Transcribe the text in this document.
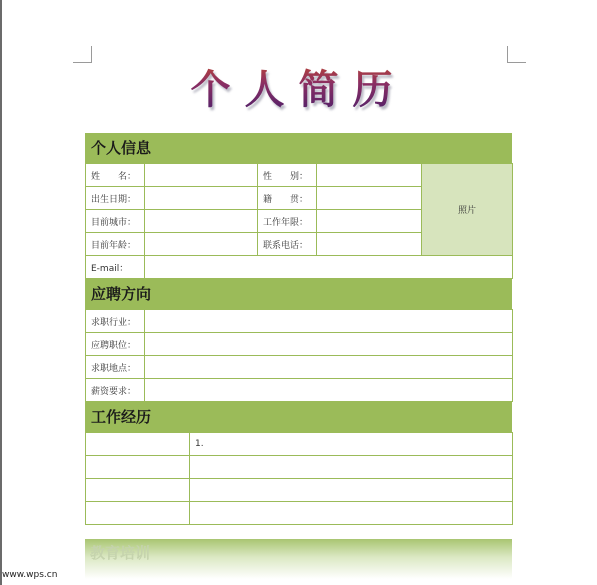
个人简历
个人信息
姓　　名：		性　　别：		照片
出生日期：		籍　　贯：		
目前城市：		工作年限：		
目前年龄：		联系电话：		
E-mail：				
应聘方向
求职行业：	
应聘职位：	
求职地点：	
薪资要求：	
工作经历
	1.

教育培训
www.wps.cn
